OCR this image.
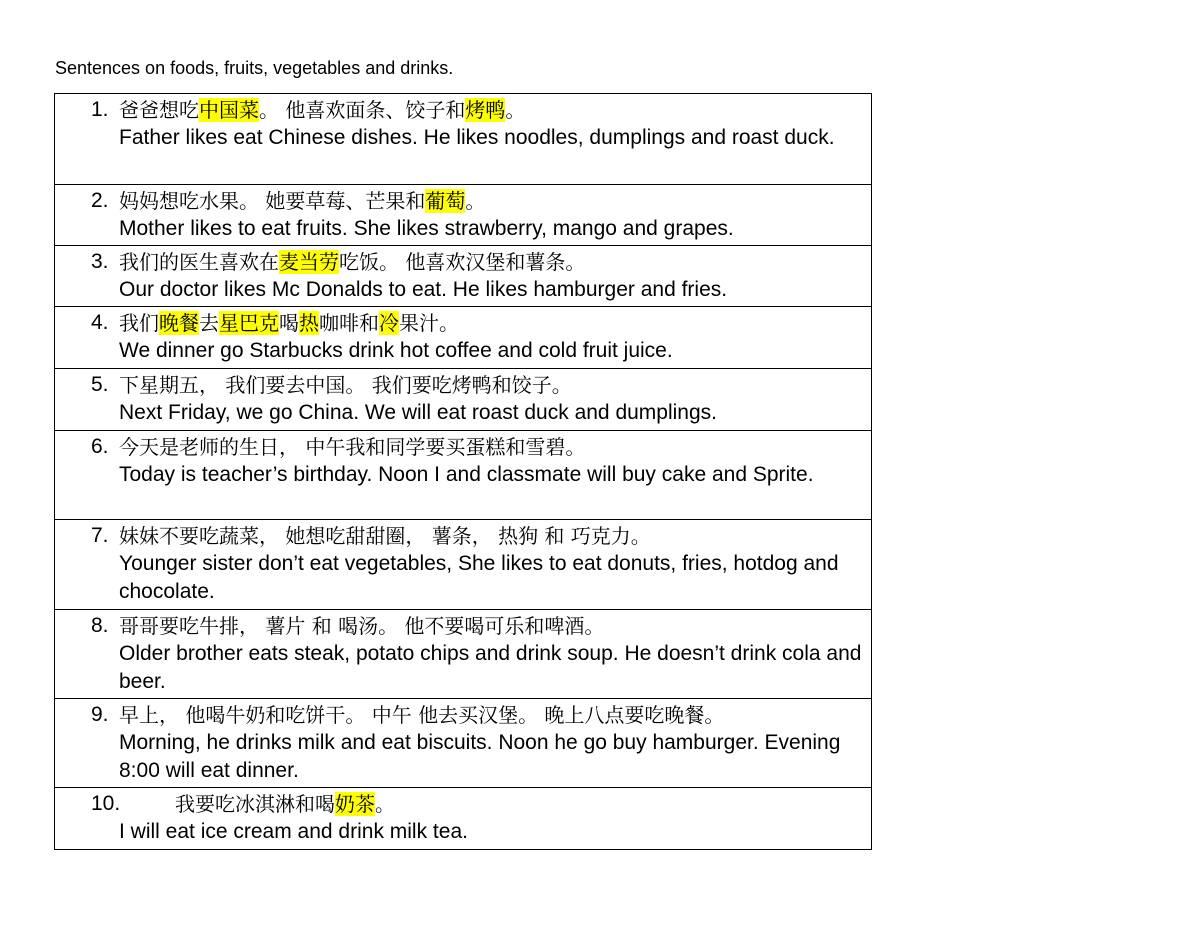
Sentences on foods, fruits, vegetables and drinks.
1. 爸爸想吃中国菜。 他喜欢面条、饺子和烤鸭。
Father likes eat Chinese dishes. He likes noodles, dumplings and roast duck.
2. 妈妈想吃水果。 她要草莓、芒果和葡萄。
Mother likes to eat fruits. She likes strawberry, mango and grapes.
3. 我们的医生喜欢在麦当劳吃饭。 他喜欢汉堡和薯条。
Our doctor likes Mc Donalds to eat. He likes hamburger and fries.
4. 我们晚餐去星巴克喝热咖啡和冷果汁。
We dinner go Starbucks drink hot coffee and cold fruit juice.
5. 下星期五， 我们要去中国。 我们要吃烤鸭和饺子。
Next Friday, we go China. We will eat roast duck and dumplings.
6. 今天是老师的生日， 中午我和同学要买蛋糕和雪碧。
Today is teacher’s birthday. Noon I and classmate will buy cake and Sprite.
7. 妹妹不要吃蔬菜， 她想吃甜甜圈， 薯条， 热狗 和 巧克力。
Younger sister don’t eat vegetables, She likes to eat donuts, fries, hotdog and chocolate.
8. 哥哥要吃牛排， 薯片 和 喝汤。 他不要喝可乐和啤酒。
Older brother eats steak, potato chips and drink soup. He doesn’t drink cola and beer.
9. 早上， 他喝牛奶和吃饼干。 中午 他去买汉堡。 晚上八点要吃晚餐。
Morning, he drinks milk and eat biscuits. Noon he go buy hamburger. Evening 8:00 will eat dinner.
10.	我要吃冰淇淋和喝奶茶。
I will eat ice cream and drink milk tea.
